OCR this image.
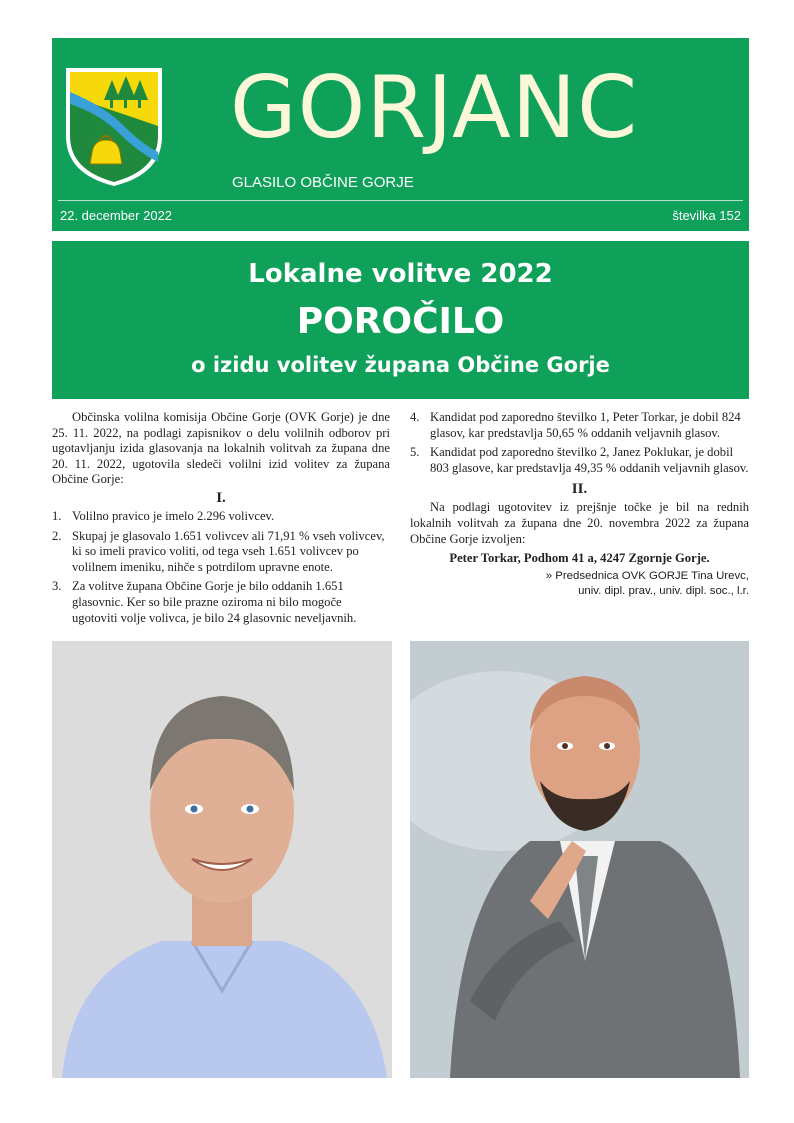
GORJANC
GLASILO OBČINE GORJE
22. december 2022	številka 152
Lokalne volitve 2022
POROČILO
o izidu volitev župana Občine Gorje

Občinska volilna komisija Občine Gorje (OVK Gorje) je dne 25. 11. 2022, na podlagi zapisnikov o delu volilnih odborov pri ugotavljanju izida glasovanja na lokalnih volitvah za župana dne 20. 11. 2022, ugotovila sledeči volilni izid volitev za župana Občine Gorje:

I.
1. Volilno pravico je imelo 2.296 volivcev.
2. Skupaj je glasovalo 1.651 volivcev ali 71,91 % vseh volivcev, ki so imeli pravico voliti, od tega vseh 1.651 volivcev po volilnem imeniku, nihče s potrdilom upravne enote.
3. Za volitve župana Občine Gorje je bilo oddanih 1.651 glasovnic. Ker so bile prazne oziroma ni bilo mogoče ugotoviti volje volivca, je bilo 24 glasovnic neveljavnih.
4. Kandidat pod zaporedno številko 1, Peter Torkar, je dobil 824 glasov, kar predstavlja 50,65 % oddanih veljavnih glasov.
5. Kandidat pod zaporedno številko 2, Janez Poklukar, je dobil 803 glasove, kar predstavlja 49,35 % oddanih veljavnih glasov.
II.

Na podlagi ugotovitev iz prejšnje točke je bil na rednih lokalnih volitvah za župana dne 20. novembra 2022 za župana Občine Gorje izvoljen:

Peter Torkar, Podhom 41 a, 4247 Zgornje Gorje.

» Predsednica OVK GORJE Tina Urevc,
univ. dipl. prav., univ. dipl. soc., l.r.
